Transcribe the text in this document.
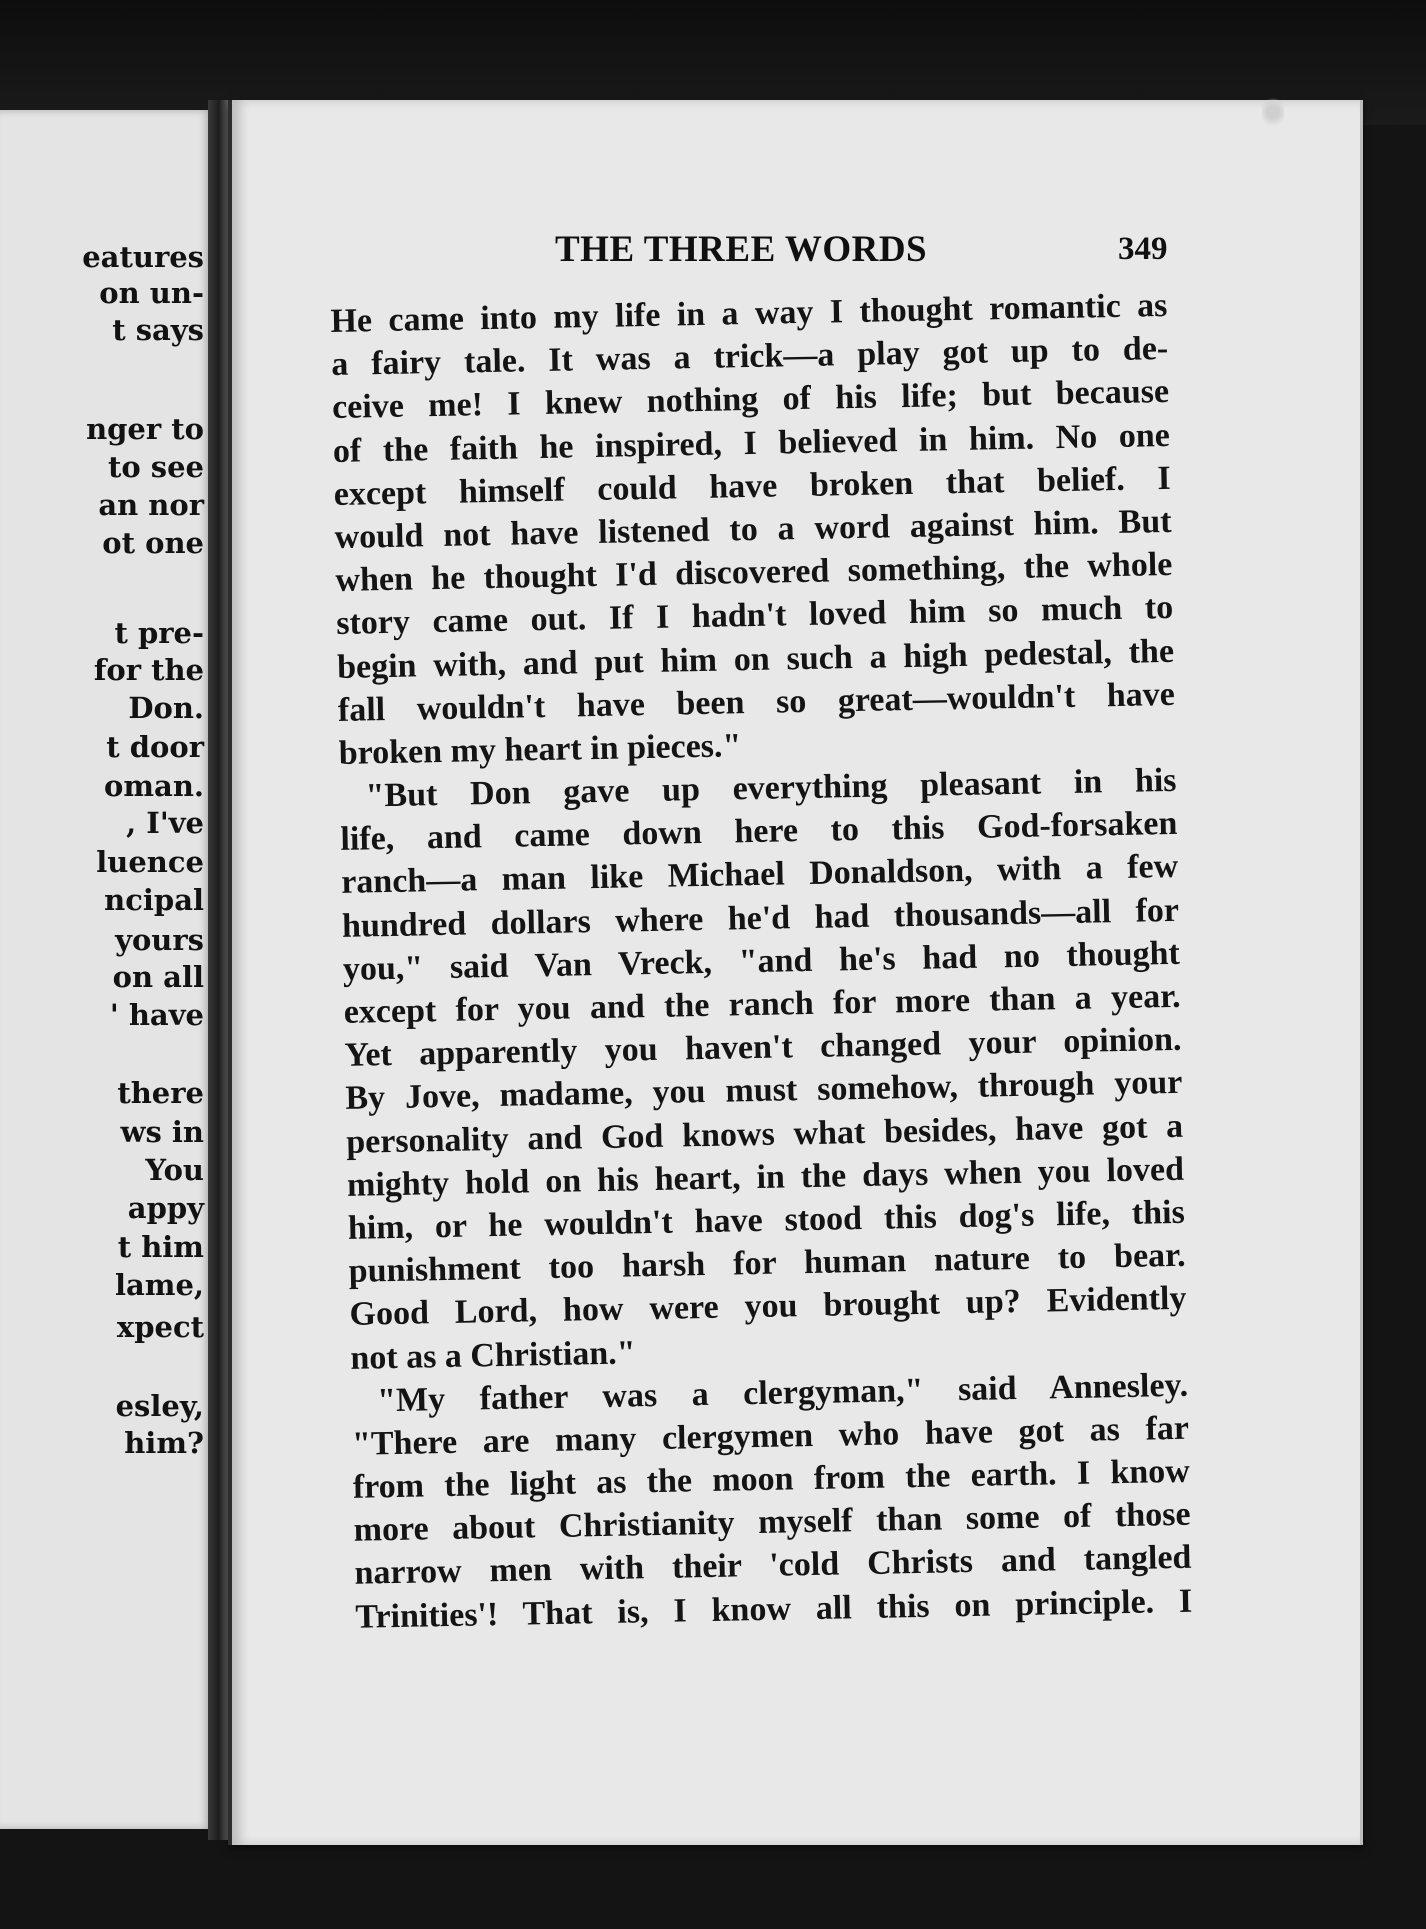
eatures
on un-
t says
nger to
to see
an nor
ot one
t pre-
for the
Don.
t door
oman.
, I've
luence
ncipal
yours
on all
' have
there
ws in
You
appy
t him
lame,
xpect
esley,
him?
THE THREE WORDS	349
He came into my life in a way I thought romantic as
a fairy tale. It was a trick—a play got up to de-
ceive me! I knew nothing of his life; but because
of the faith he inspired, I believed in him. No one
except himself could have broken that belief. I
would not have listened to a word against him. But
when he thought I'd discovered something, the whole
story came out. If I hadn't loved him so much to
begin with, and put him on such a high pedestal, the
fall wouldn't have been so great—wouldn't have
broken my heart in pieces."
"But Don gave up everything pleasant in his
life, and came down here to this God-forsaken
ranch—a man like Michael Donaldson, with a few
hundred dollars where he'd had thousands—all for
you," said Van Vreck, "and he's had no thought
except for you and the ranch for more than a year.
Yet apparently you haven't changed your opinion.
By Jove, madame, you must somehow, through your
personality and God knows what besides, have got a
mighty hold on his heart, in the days when you loved
him, or he wouldn't have stood this dog's life, this
punishment too harsh for human nature to bear.
Good Lord, how were you brought up? Evidently
not as a Christian."
"My father was a clergyman," said Annesley.
"There are many clergymen who have got as far
from the light as the moon from the earth. I know
more about Christianity myself than some of those
narrow men with their 'cold Christs and tangled
Trinities'! That is, I know all this on principle. I
